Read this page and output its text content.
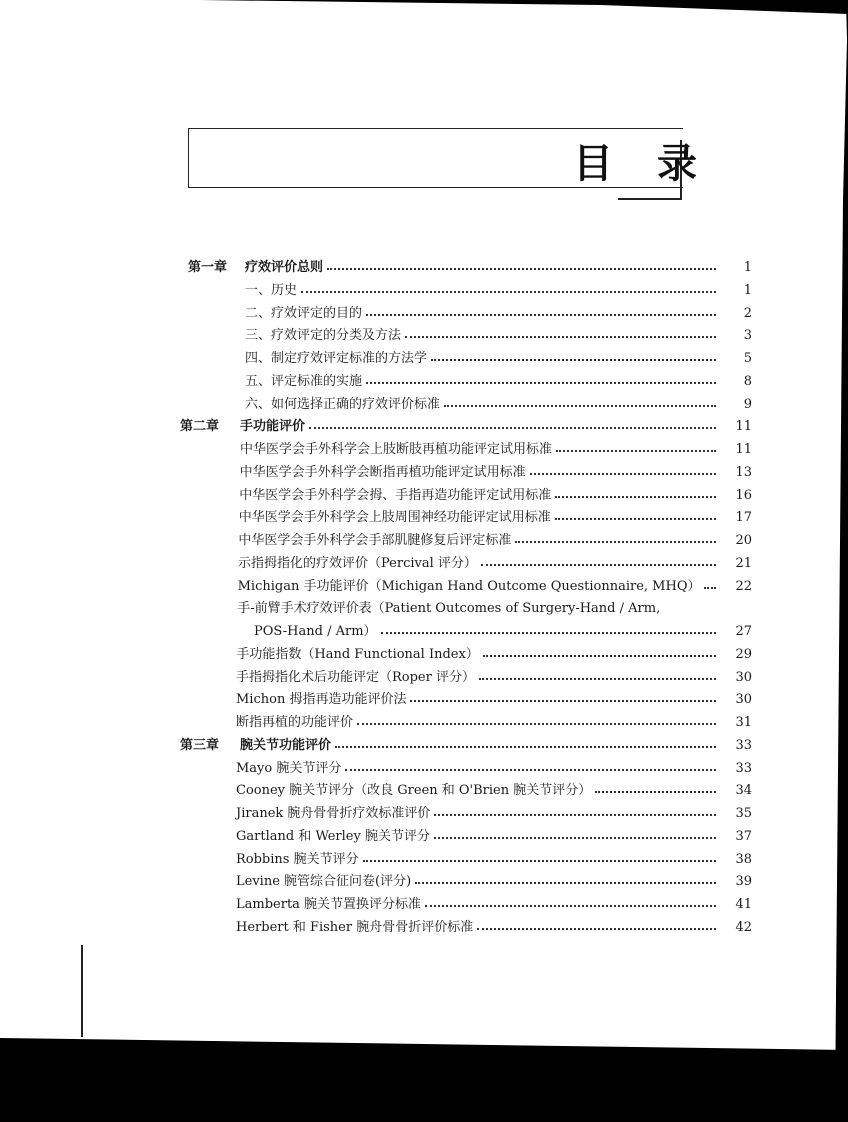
目录
第一章 疗效评价总则	1
一、历史	1
二、疗效评定的目的	2
三、疗效评定的分类及方法	3
四、制定疗效评定标准的方法学	5
五、评定标准的实施	8
六、如何选择正确的疗效评价标准	9
第二章 手功能评价	11
中华医学会手外科学会上肢断肢再植功能评定试用标准	11
中华医学会手外科学会断指再植功能评定试用标准	13
中华医学会手外科学会拇、手指再造功能评定试用标准	16
中华医学会手外科学会上肢周围神经功能评定试用标准	17
中华医学会手外科学会手部肌腱修复后评定标准	20
示指拇指化的疗效评价（Percival 评分）	21
Michigan 手功能评价（Michigan Hand Outcome Questionnaire, MHQ）	22
手-前臂手术疗效评价表（Patient Outcomes of Surgery-Hand / Arm,
POS-Hand / Arm）	27
手功能指数（Hand Functional Index）	29
手指拇指化术后功能评定（Roper 评分）	30
Michon 拇指再造功能评价法	30
断指再植的功能评价	31
第三章 腕关节功能评价	33
Mayo 腕关节评分	33
Cooney 腕关节评分（改良 Green 和 O'Brien 腕关节评分）	34
Jiranek 腕舟骨骨折疗效标准评价	35
Gartland 和 Werley 腕关节评分	37
Robbins 腕关节评分	38
Levine 腕管综合征问卷(评分)	39
Lamberta 腕关节置换评分标准	41
Herbert 和 Fisher 腕舟骨骨折评价标准	42
